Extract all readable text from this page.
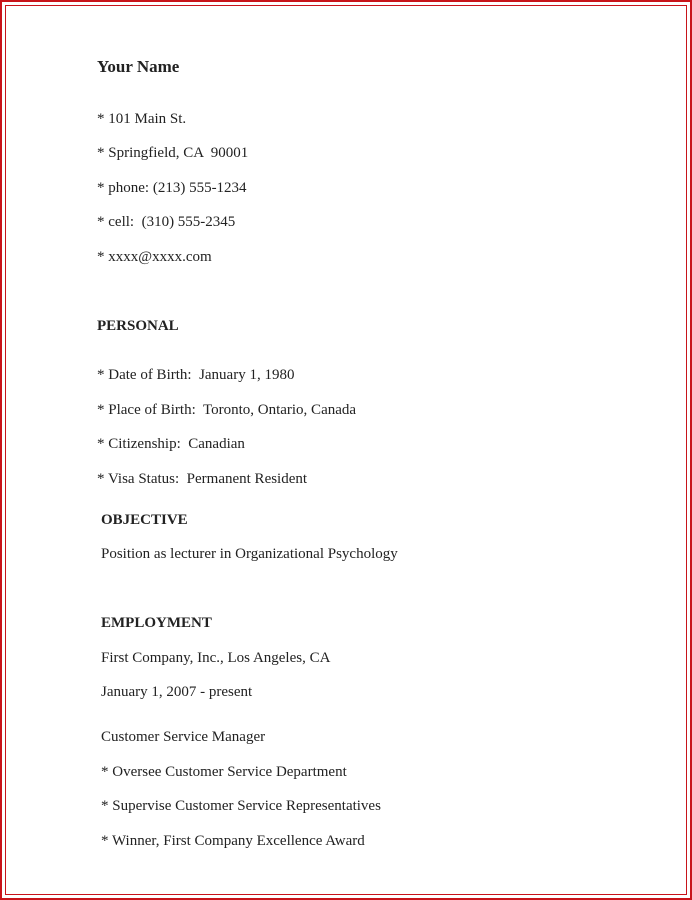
Your Name
* 101 Main St.
* Springfield, CA  90001
* phone: (213) 555-1234
* cell:  (310) 555-2345
* xxxx@xxxx.com
PERSONAL
* Date of Birth:  January 1, 1980
* Place of Birth:  Toronto, Ontario, Canada
* Citizenship:  Canadian
* Visa Status:  Permanent Resident
OBJECTIVE
Position as lecturer in Organizational Psychology
EMPLOYMENT
First Company, Inc., Los Angeles, CA
January 1, 2007 - present
Customer Service Manager
* Oversee Customer Service Department
* Supervise Customer Service Representatives
* Winner, First Company Excellence Award
